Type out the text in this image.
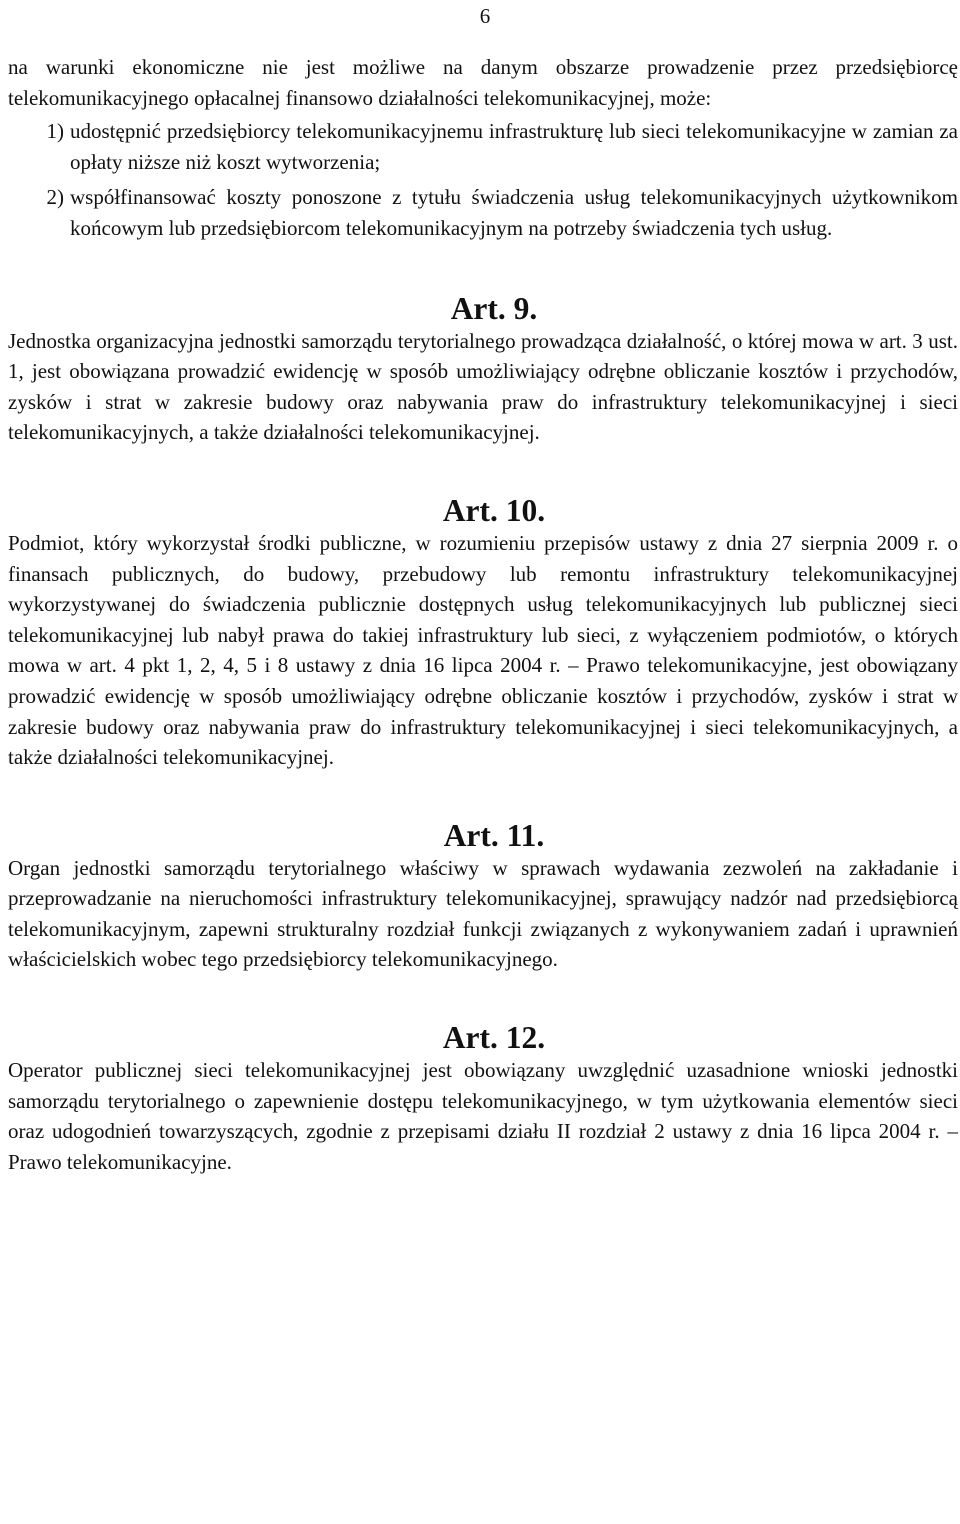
6

na warunki ekonomiczne nie jest możliwe na danym obszarze prowadzenie przez przedsiębiorcę telekomunikacyjnego opłacalnej finansowo działalności telekomunikacyjnej, może:

1) udostępnić przedsiębiorcy telekomunikacyjnemu infrastrukturę lub sieci telekomunikacyjne w zamian za opłaty niższe niż koszt wytworzenia;
2) współfinansować koszty ponoszone z tytułu świadczenia usług telekomunikacyjnych użytkownikom końcowym lub przedsiębiorcom telekomunikacyjnym na potrzeby świadczenia tych usług.
Art. 9.

Jednostka organizacyjna jednostki samorządu terytorialnego prowadząca działalność, o której mowa w art. 3 ust. 1, jest obowiązana prowadzić ewidencję w sposób umożliwiający odrębne obliczanie kosztów i przychodów, zysków i strat w zakresie budowy oraz nabywania praw do infrastruktury telekomunikacyjnej i sieci telekomunikacyjnych, a także działalności telekomunikacyjnej.

Art. 10.

Podmiot, który wykorzystał środki publiczne, w rozumieniu przepisów ustawy z dnia 27 sierpnia 2009 r. o finansach publicznych, do budowy, przebudowy lub remontu infrastruktury telekomunikacyjnej wykorzystywanej do świadczenia publicznie dostępnych usług telekomunikacyjnych lub publicznej sieci telekomunikacyjnej lub nabył prawa do takiej infrastruktury lub sieci, z wyłączeniem podmiotów, o których mowa w art. 4 pkt 1, 2, 4, 5 i 8 ustawy z dnia 16 lipca 2004 r. – Prawo telekomunikacyjne, jest obowiązany prowadzić ewidencję w sposób umożliwiający odrębne obliczanie kosztów i przychodów, zysków i strat w zakresie budowy oraz nabywania praw do infrastruktury telekomunikacyjnej i sieci telekomunikacyjnych, a także działalności telekomunikacyjnej.

Art. 11.

Organ jednostki samorządu terytorialnego właściwy w sprawach wydawania zezwoleń na zakładanie i przeprowadzanie na nieruchomości infrastruktury telekomunikacyjnej, sprawujący nadzór nad przedsiębiorcą telekomunikacyjnym, zapewni strukturalny rozdział funkcji związanych z wykonywaniem zadań i uprawnień właścicielskich wobec tego przedsiębiorcy telekomunikacyjnego.

Art. 12.

Operator publicznej sieci telekomunikacyjnej jest obowiązany uwzględnić uzasadnione wnioski jednostki samorządu terytorialnego o zapewnienie dostępu telekomunikacyjnego, w tym użytkowania elementów sieci oraz udogodnień towarzyszących, zgodnie z przepisami działu II rozdział 2 ustawy z dnia 16 lipca 2004 r. – Prawo telekomunikacyjne.
